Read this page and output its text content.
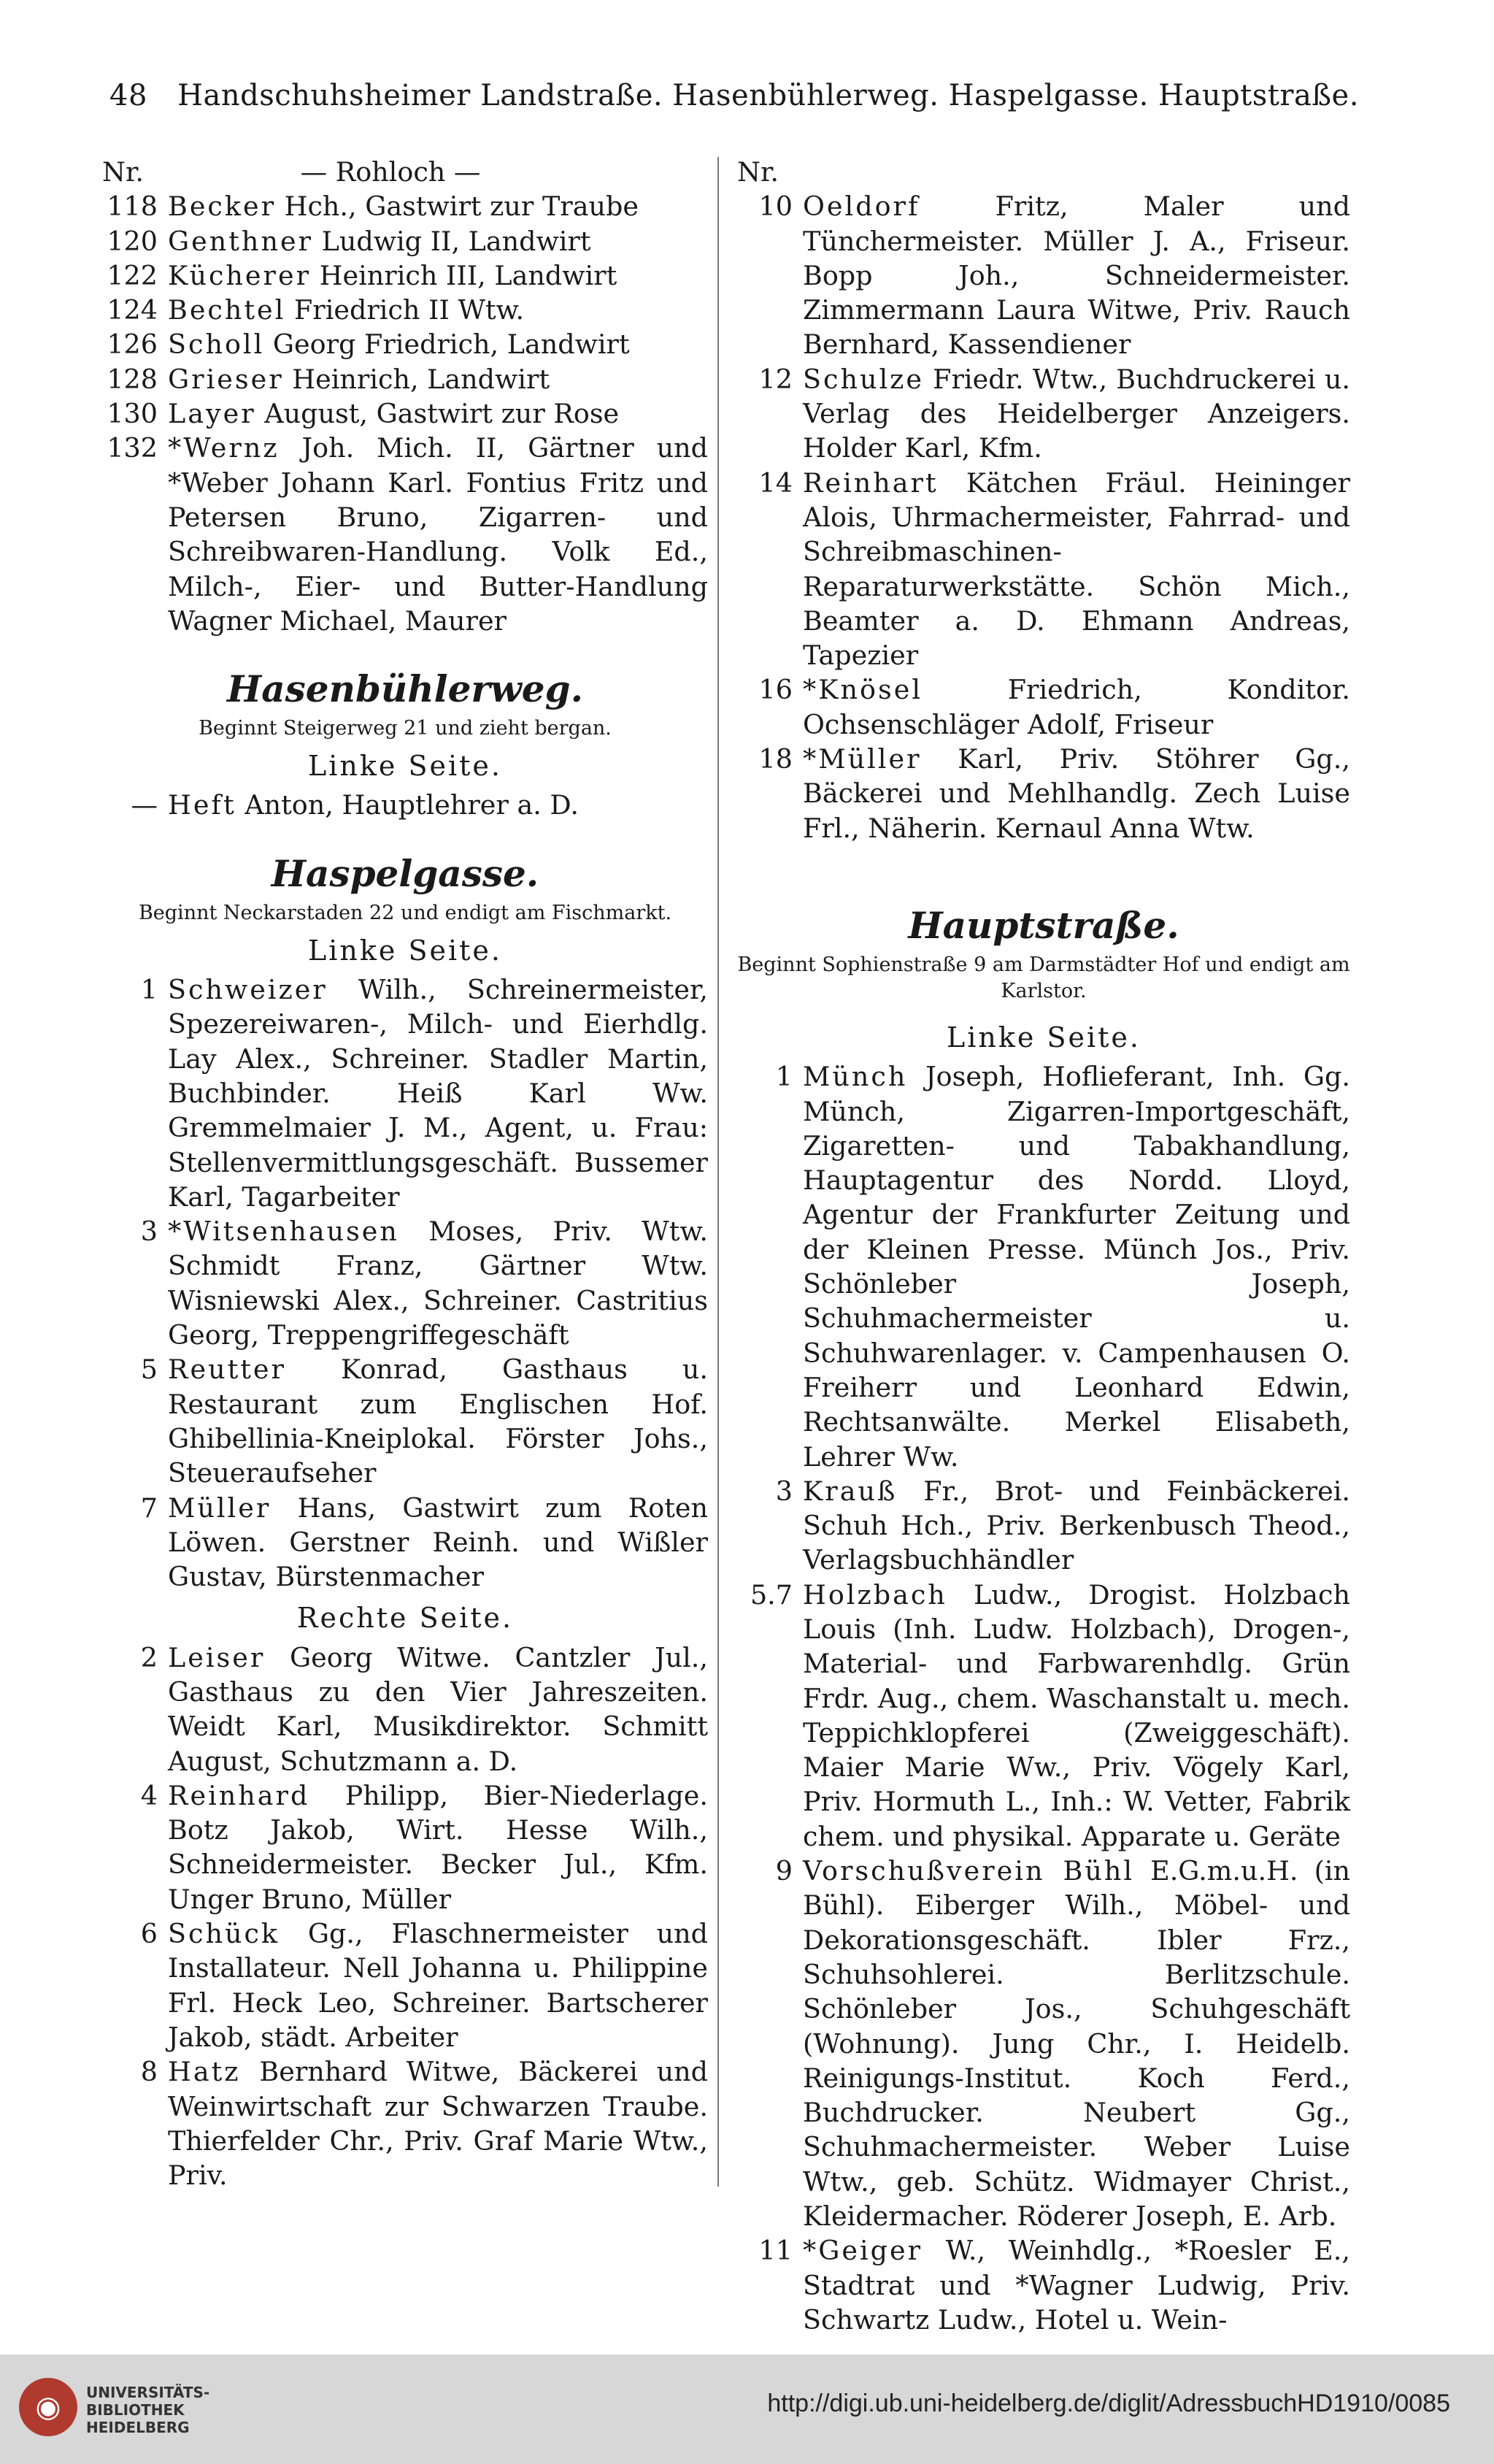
48 Handschuhsheimer Landstraße. Hasenbühlerweg. Haspelgasse. Hauptstraße.
Nr.	— Rohloch —
118 Becker Hch., Gastwirt zur Traube
120 Genthner Ludwig II, Landwirt
122 Kücherer Heinrich III, Landwirt
124 Bechtel Friedrich II Wtw.
126 Scholl Georg Friedrich, Landwirt
128 Grieser Heinrich, Landwirt
130 Layer August, Gastwirt zur Rose
132 *Wernz Joh. Mich. II, Gärtner und *Weber Johann Karl. Fontius Fritz und Petersen Bruno, Zigarren- und Schreibwaren-Handlung. Volk Ed., Milch-, Eier- und Butter-Handlung Wagner Michael, Maurer
Hasenbühlerweg.
Beginnt Steigerweg 21 und zieht bergan.
Linke Seite.
— Heft Anton, Hauptlehrer a. D.
Haspelgasse.
Beginnt Neckarstaden 22 und endigt am Fischmarkt.
Linke Seite.
1 Schweizer Wilh., Schreinermeister, Spezereiwaren-, Milch- und Eierhdlg. Lay Alex., Schreiner. Stadler Martin, Buchbinder. Heiß Karl Ww. Gremmelmaier J. M., Agent, u. Frau: Stellenvermittlungsgeschäft. Bussemer Karl, Tagarbeiter
3 *Witsenhausen Moses, Priv. Wtw. Schmidt Franz, Gärtner Wtw. Wisniewski Alex., Schreiner. Castritius Georg, Treppengriffegeschäft
5 Reutter Konrad, Gasthaus u. Restaurant zum Englischen Hof. Ghibellinia-Kneiplokal. Förster Johs., Steueraufseher
7 Müller Hans, Gastwirt zum Roten Löwen. Gerstner Reinh. und Wißler Gustav, Bürstenmacher
Rechte Seite.
2 Leiser Georg Witwe. Cantzler Jul., Gasthaus zu den Vier Jahreszeiten. Weidt Karl, Musikdirektor. Schmitt August, Schutzmann a. D.
4 Reinhard Philipp, Bier-Niederlage. Botz Jakob, Wirt. Hesse Wilh., Schneidermeister. Becker Jul., Kfm. Unger Bruno, Müller
6 Schück Gg., Flaschnermeister und Installateur. Nell Johanna u. Philippine Frl. Heck Leo, Schreiner. Bartscherer Jakob, städt. Arbeiter
8 Hatz Bernhard Witwe, Bäckerei und Weinwirtschaft zur Schwarzen Traube. Thierfelder Chr., Priv. Graf Marie Wtw., Priv.
Nr.
10 Oeldorf	Fritz, Maler und Tünchermeister. Müller J. A., Friseur. Bopp Joh., Schneidermeister. Zimmermann Laura Witwe, Priv. Rauch Bernhard, Kassendiener
12 Schulze Friedr. Wtw., Buchdruckerei u. Verlag des Heidelberger Anzeigers. Holder Karl, Kfm.
14 Reinhart Kätchen Fräul. Heininger Alois, Uhrmachermeister, Fahrrad- und Schreibmaschinen-Reparaturwerkstätte. Schön Mich., Beamter a. D. Ehmann Andreas, Tapezier
16 *Knösel	Friedrich, Konditor. Ochsenschläger Adolf, Friseur
18 *Müller Karl, Priv. Stöhrer Gg., Bäckerei und Mehlhandlg. Zech Luise Frl., Näherin. Kernaul Anna Wtw.
Hauptstraße.
Beginnt Sophienstraße 9 am Darmstädter Hof und endigt am Karlstor.
Linke Seite.
1 Münch Joseph, Hoflieferant, Inh. Gg. Münch, Zigarren-Importgeschäft, Zigaretten- und Tabakhandlung, Hauptagentur des Nordd. Lloyd, Agentur der Frankfurter Zeitung und der Kleinen Presse. Münch Jos., Priv. Schönleber Joseph, Schuhmachermeister u. Schuhwarenlager. v. Campenhausen O. Freiherr und Leonhard Edwin, Rechtsanwälte. Merkel Elisabeth, Lehrer Ww.
3 Krauß Fr., Brot- und Feinbäckerei. Schuh Hch., Priv. Berkenbusch Theod., Verlagsbuchhändler
5.7 Holzbach Ludw., Drogist. Holzbach Louis (Inh. Ludw. Holzbach), Drogen-, Material- und Farbwarenhdlg. Grün Frdr. Aug., chem. Waschanstalt u. mech. Teppichklopferei (Zweiggeschäft). Maier Marie Ww., Priv. Vögely Karl, Priv. Hormuth L., Inh.: W. Vetter, Fabrik chem. und physikal. Apparate u. Geräte
9 Vorschußverein Bühl E.G.m.u.H. (in Bühl). Eiberger Wilh., Möbel- und Dekorationsgeschäft. Ibler Frz., Schuhsohlerei. Berlitzschule. Schönleber Jos., Schuhgeschäft (Wohnung). Jung Chr., I. Heidelb. Reinigungs-Institut. Koch Ferd., Buchdrucker. Neubert Gg., Schuhmachermeister. Weber Luise Wtw., geb. Schütz. Widmayer Christ., Kleidermacher. Röderer Joseph, E. Arb.
11 *Geiger W., Weinhdlg., *Roesler E., Stadtrat und *Wagner Ludwig, Priv. Schwartz Ludw., Hotel u. Wein-
◉	UNIVERSITÄTS- BIBLIOTHEK HEIDELBERG
http://digi.ub.uni-heidelberg.de/diglit/AdressbuchHD1910/0085
